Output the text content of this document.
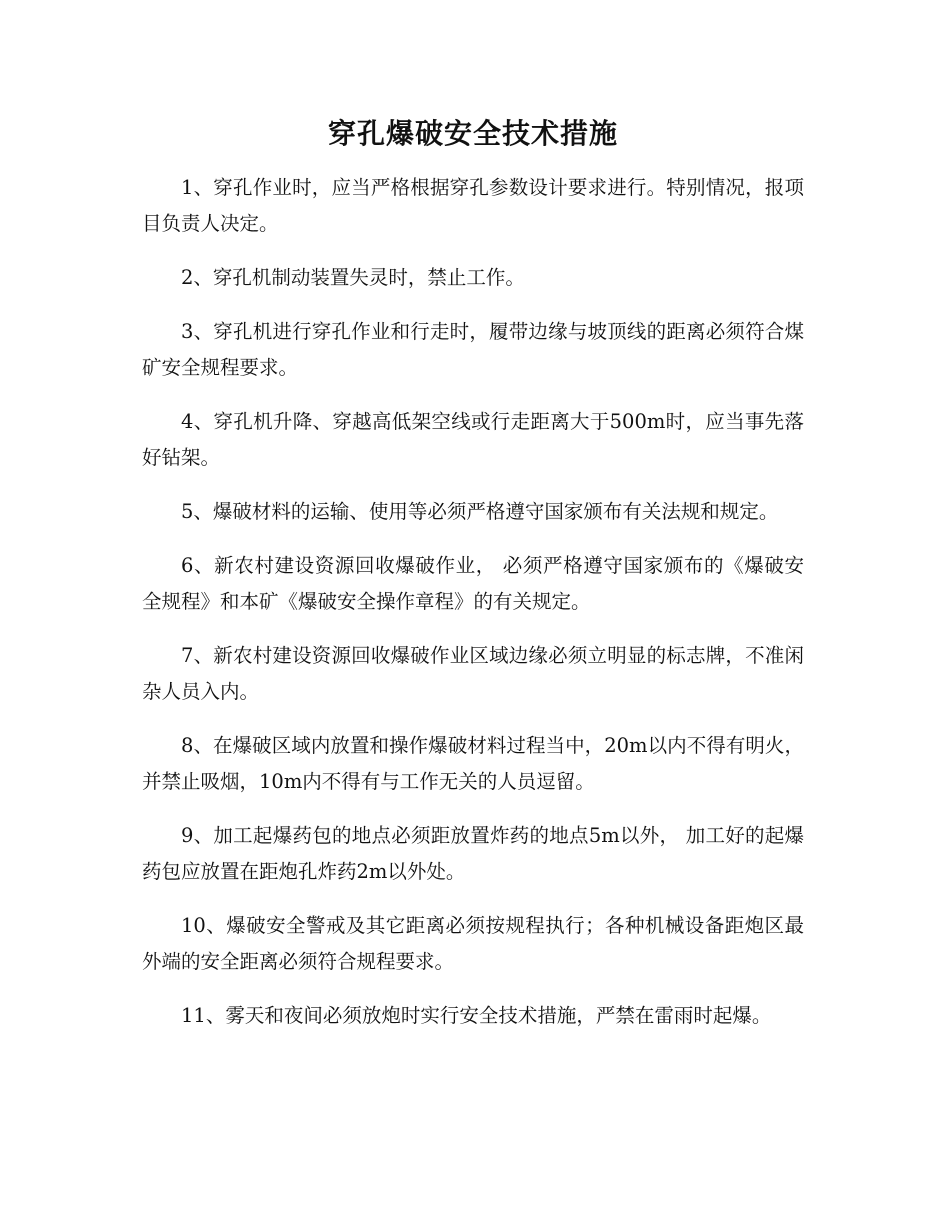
穿孔爆破安全技术措施

1、穿孔作业时，应当严格根据穿孔参数设计要求进行。特别情况，报项目负责人决定。

2、穿孔机制动装置失灵时，禁止工作。

3、穿孔机进行穿孔作业和行走时，履带边缘与坡顶线的距离必须符合煤矿安全规程要求。

4、穿孔机升降、穿越高低架空线或行走距离大于500m时，应当事先落好钻架。

5、爆破材料的运输、使用等必须严格遵守国家颁布有关法规和规定。

6、新农村建设资源回收爆破作业， 必须严格遵守国家颁布的《爆破安全规程》和本矿《爆破安全操作章程》的有关规定。

7、新农村建设资源回收爆破作业区域边缘必须立明显的标志牌，不准闲杂人员入内。

8、在爆破区域内放置和操作爆破材料过程当中，20m以内不得有明火，并禁止吸烟，10m内不得有与工作无关的人员逗留。

9、加工起爆药包的地点必须距放置炸药的地点5m以外， 加工好的起爆药包应放置在距炮孔炸药2m以外处。

10、爆破安全警戒及其它距离必须按规程执行；各种机械设备距炮区最外端的安全距离必须符合规程要求。

11、雾天和夜间必须放炮时实行安全技术措施，严禁在雷雨时起爆。
